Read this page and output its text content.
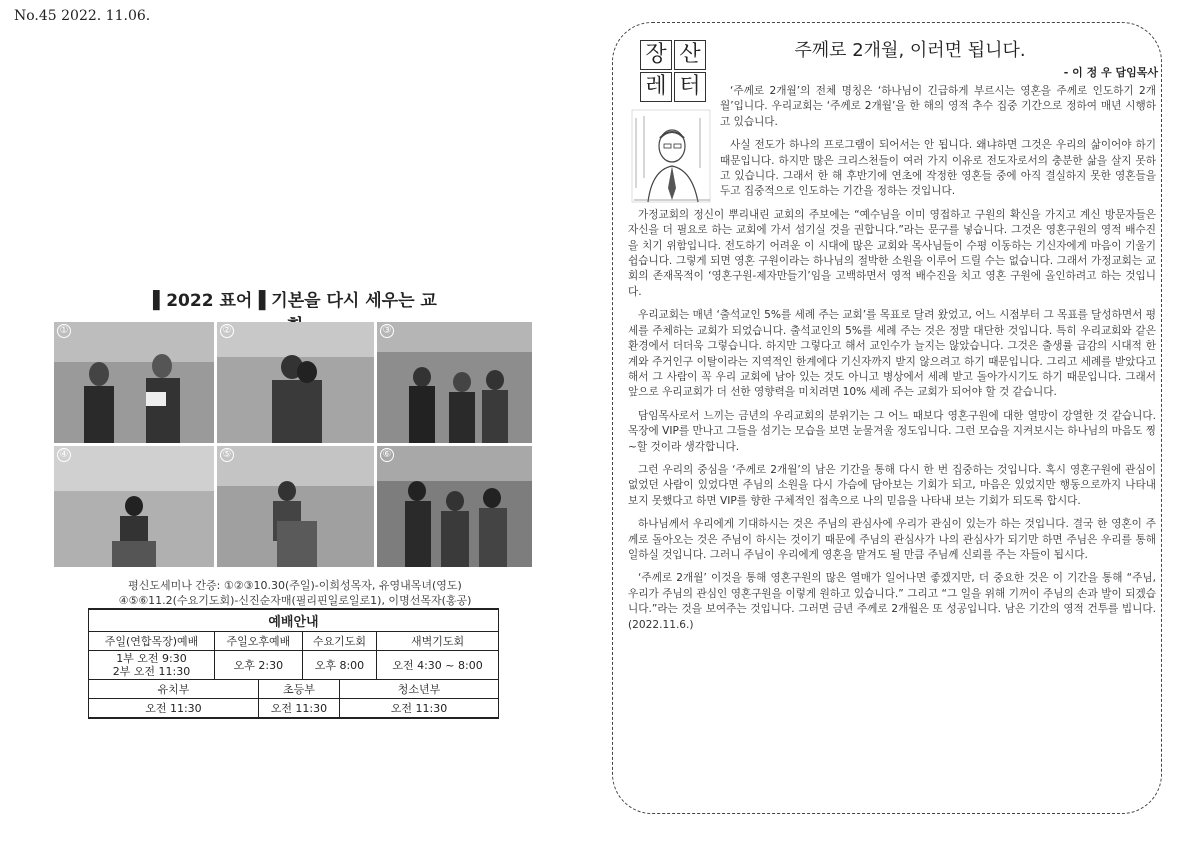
No.45 2022. 11.06.
▌2022 표어▐ 기본을 다시 세우는 교
①	②	③
④	⑤	⑥
평신도세미나 간증: ①②③10.30(주일)-이희성목자, 유영내목녀(영도)
④⑤⑥11.2(수요기도회)-신진순자매(필리핀일로일로1), 이명선목자(홍공)
예배안내					
주일(연합목장)예배	주일오후예배		수요기도회		새벽기도회
1부 오전 9:30
2부 오전 11:30	오후 2:30		오후 8:00		오전 4:30 ~ 8:00
유치부		초등부		청소년부	
오전 11:30		오전 11:30		오전 11:30	
장 산
레 터
주께로 2개월, 이러면 됩니다.
- 이 정 우 담임목사

‘주께로 2개월’의 전체 명칭은 ‘하나님이 긴급하게 부르시는 영혼을 주께로 인도하기 2개월’입니다. 우리교회는 ‘주께로 2개월’을 한 해의 영적 추수 집중 기간으로 정하여 매년 시행하고 있습니다.

사실 전도가 하나의 프로그램이 되어서는 안 됩니다. 왜냐하면 그것은 우리의 삶이어야 하기 때문입니다. 하지만 많은 크리스천들이 여러 가지 이유로 전도자로서의 충분한 삶을 살지 못하고 있습니다. 그래서 한 해 후반기에 연초에 작정한 영혼들 중에 아직 결실하지 못한 영혼들을 두고 집중적으로 인도하는 기간을 정하는 것입니다.

가정교회의 정신이 뿌리내린 교회의 주보에는 “예수님을 이미 영접하고 구원의 확신을 가지고 계신 방문자들은 자신을 더 필요로 하는 교회에 가서 섬기실 것을 권합니다.”라는 문구를 넣습니다. 그것은 영혼구원의 영적 배수진을 치기 위함입니다. 전도하기 어려운 이 시대에 많은 교회와 목사님들이 수평 이동하는 기신자에게 마음이 기울기 쉽습니다. 그렇게 되면 영혼 구원이라는 하나님의 절박한 소원을 이루어 드릴 수는 없습니다. 그래서 가정교회는 교회의 존재목적이 ‘영혼구원-제자만들기’임을 고백하면서 영적 배수진을 치고 영혼 구원에 올인하려고 하는 것입니다.

우리교회는 매년 ‘출석교인 5%를 세례 주는 교회’를 목표로 달려 왔었고, 어느 시점부터 그 목표를 달성하면서 평세를 주체하는 교회가 되었습니다. 출석교인의 5%를 세례 주는 것은 정말 대단한 것입니다. 특히 우리교회와 같은 환경에서 더더욱 그렇습니다. 하지만 그렇다고 해서 교인수가 늘지는 않았습니다. 그것은 출생률 급감의 시대적 한계와 주거인구 이탈이라는 지역적인 한계에다 기신자까지 받지 않으려고 하기 때문입니다. 그리고 세례를 받았다고 해서 그 사람이 꼭 우리 교회에 남아 있는 것도 아니고 병상에서 세례 받고 돌아가시기도 하기 때문입니다. 그래서 앞으로 우리교회가 더 선한 영향력을 미치려면 10% 세례 주는 교회가 되어야 할 것 같습니다.

담임목사로서 느끼는 금년의 우리교회의 분위기는 그 어느 때보다 영혼구원에 대한 열망이 강열한 것 같습니다. 목장에 VIP를 만나고 그들을 섬기는 모습을 보면 눈물겨울 정도입니다. 그런 모습을 지켜보시는 하나님의 마음도 찡~할 것이라 생각합니다.

그런 우리의 중심을 ‘주께로 2개월’의 남은 기간을 통해 다시 한 번 집중하는 것입니다. 혹시 영혼구원에 관심이 없었던 사람이 있었다면 주님의 소원을 다시 가슴에 담아보는 기회가 되고, 마음은 있었지만 행동으로까지 나타내 보지 못했다고 하면 VIP를 향한 구체적인 접촉으로 나의 믿음을 나타내 보는 기회가 되도록 합시다.

하나님께서 우리에게 기대하시는 것은 주님의 관심사에 우리가 관심이 있는가 하는 것입니다. 결국 한 영혼이 주께로 돌아오는 것은 주님이 하시는 것이기 때문에 주님의 관심사가 나의 관심사가 되기만 하면 주님은 우리를 통해 일하실 것입니다. 그러니 주님이 우리에게 영혼을 맡겨도 될 만큼 주님께 신뢰를 주는 자들이 됩시다.

‘주께로 2개월’ 이것을 통해 영혼구원의 많은 열매가 일어나면 좋겠지만, 더 중요한 것은 이 기간을 통해 “주님, 우리가 주님의 관심인 영혼구원을 이렇게 원하고 있습니다.” 그리고 “그 일을 위해 기꺼이 주님의 손과 발이 되겠습니다.”라는 것을 보여주는 것입니다. 그러면 금년 주께로 2개월은 또 성공입니다. 남은 기간의 영적 건투를 빕니다.(2022.11.6.)
